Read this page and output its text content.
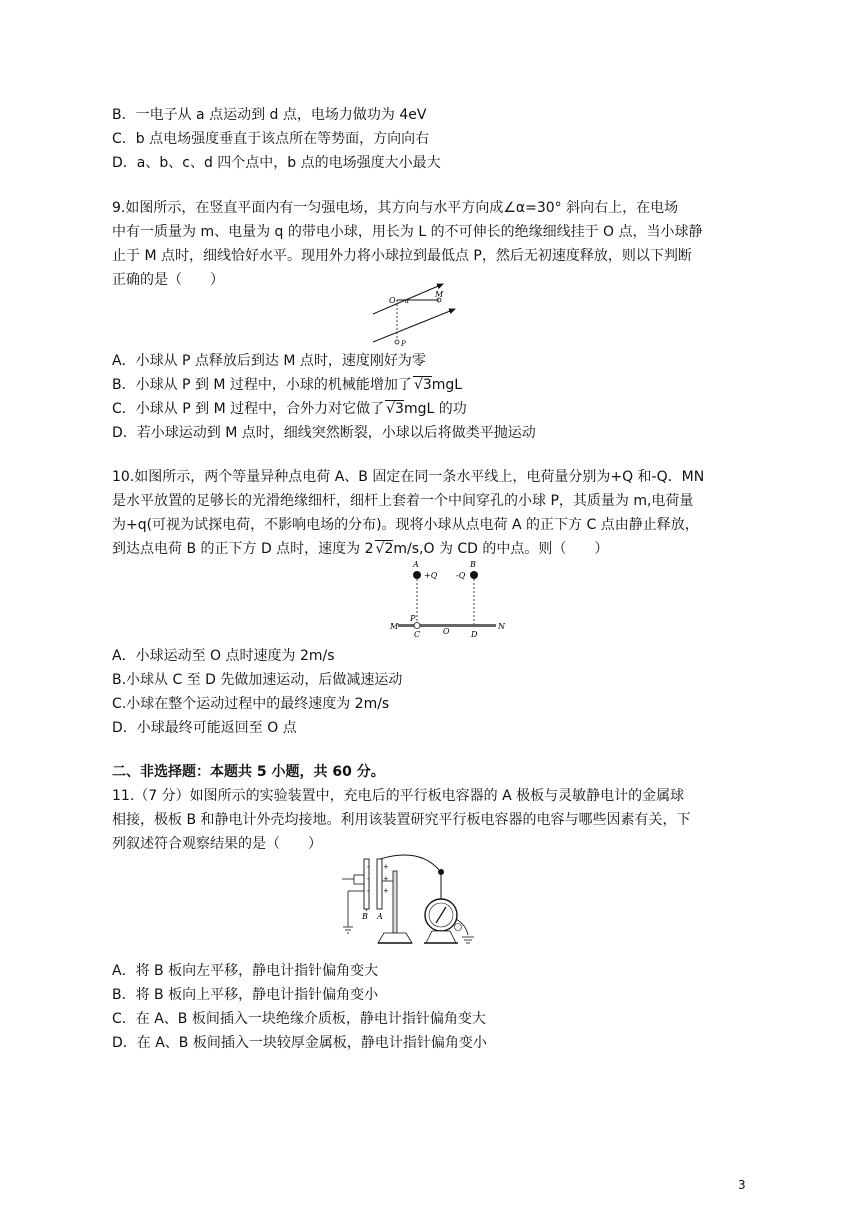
B．一电子从 a 点运动到 d 点，电场力做功为 4eV
C．b 点电场强度垂直于该点所在等势面，方向向右
D．a、b、c、d 四个点中，b 点的电场强度大小最大
9.如图所示，在竖直平面内有一匀强电场，其方向与水平方向成∠α=30° 斜向右上，在电场
中有一质量为 m、电量为 q 的带电小球，用长为 L 的不可伸长的绝缘细线挂于 O 点，当小球静
止于 M 点时，细线恰好水平。现用外力将小球拉到最低点 P，然后无初速度释放，则以下判断
正确的是（　　）
O
M
α
P
A．小球从 P 点释放后到达 M 点时，速度刚好为零
B．小球从 P 到 M 过程中，小球的机械能增加了 √3mgL
C．小球从 P 到 M 过程中，合外力对它做了 √3mgL 的功
D．若小球运动到 M 点时，细线突然断裂，小球以后将做类平抛运动
10.如图所示，两个等量异种点电荷 A、B 固定在同一条水平线上，电荷量分别为+Q 和-Q．MN
是水平放置的足够长的光滑绝缘细杆，细杆上套着一个中间穿孔的小球 P，其质量为 m,电荷量
为+q(可视为试探电荷，不影响电场的分布)。现将小球从点电荷 A 的正下方 C 点由静止释放，
到达点电荷 B 的正下方 D 点时，速度为 2 √2m/s,O 为 CD 的中点。则（　　）
A
+Q
B
-Q
P
M
C	O	D
N
A．小球运动至 O 点时速度为 2m/s
B.小球从 C 至 D 先做加速运动，后做减速运动
C.小球在整个运动过程中的最终速度为 2m/s
D．小球最终可能返回至 O 点
二、非选择题：本题共 5 小题，共 60 分。
11.（7 分）如图所示的实验装置中，充电后的平行板电容器的 A 极板与灵敏静电计的金属球
相接，极板 B 和静电计外壳均接地。利用该装置研究平行板电容器的电容与哪些因素有关，下
列叙述符合观察结果的是（　　）
-
-
-
+
+
+
B A
A．将 B 板向左平移，静电计指针偏角变大
B．将 B 板向上平移，静电计指针偏角变小
C．在 A、B 板间插入一块绝缘介质板，静电计指针偏角变大
D．在 A、B 板间插入一块较厚金属板，静电计指针偏角变小
3
